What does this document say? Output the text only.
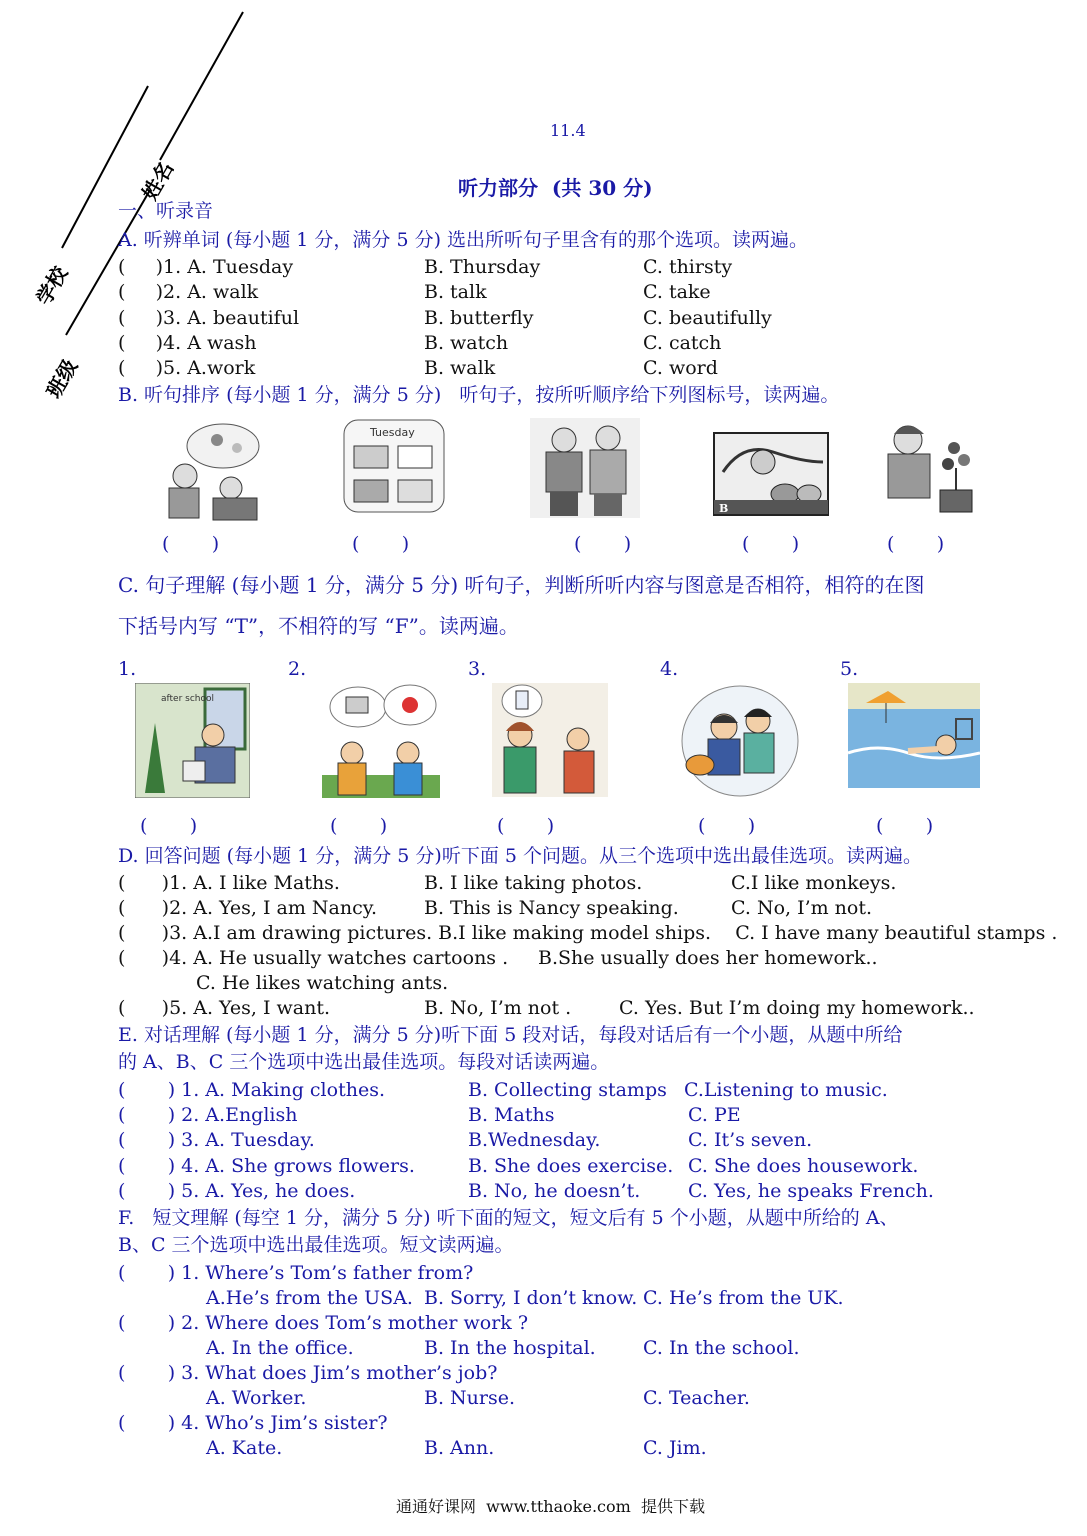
姓名
学校
班级
11.4
听力部分  (共 30 分)
一、听录音
A. 听辨单词 (每小题 1 分，满分 5 分) 选出所听句子里含有的那个选项。读两遍。
(     )1. A. Tuesday	B. Thursday	C. thirsty
(     )2. A. walk	B. talk	C. take
(     )3. A. beautiful	B. butterfly	C. beautifully
(     )4. A wash	B. watch	C. catch
(     )5. A.work	B. walk	C. word
B. 听句排序 (每小题 1 分，满分 5 分)   听句子，按所听顺序给下列图标号，读两遍。
Tuesday
B
(       )	(       )	(       )	(       )	(       )
C. 句子理解 (每小题 1 分，满分 5 分) 听句子，判断所听内容与图意是否相符，相符的在图
下括号内写 “T”，不相符的写 “F”。读两遍。
1.	2.	3.	4.	5.
after school
(       )	(       )	(       )	(       )	(       )
D. 回答问题 (每小题 1 分，满分 5 分)听下面 5 个问题。从三个选项中选出最佳选项。读两遍。
(      )1. A. I like Maths.	B. I like taking photos.	C.I like monkeys.
(      )2. A. Yes, I am Nancy. B. This is Nancy speaking.	C. No, I’m not.
(      )3. A.I am drawing pictures. B.I like making model ships.    C. I have many beautiful stamps .
(      )4. A. He usually watches cartoons . B.She usually does her homework..
C. He likes watching ants.
(      )5. A. Yes, I want.	B. No, I’m not .	C. Yes. But I’m doing my homework..
E. 对话理解 (每小题 1 分，满分 5 分)听下面 5 段对话，每段对话后有一个小题，从题中所给
的 A、B、C 三个选项中选出最佳选项。每段对话读两遍。
(       ) 1. A. Making clothes.	B. Collecting stamps C.Listening to music.
(       ) 2. A.English	B. Maths	C. PE
(       ) 3. A. Tuesday.	B.Wednesday.	C. It’s seven.
(       ) 4. A. She grows flowers.	B. She does exercise. C. She does housework.
(       ) 5. A. Yes, he does.	B. No, he doesn’t.	C. Yes, he speaks French.
F.   短文理解 (每空 1 分，满分 5 分) 听下面的短文，短文后有 5 个小题，从题中所给的 A、
B、C 三个选项中选出最佳选项。短文读两遍。
(       ) 1. Where’s Tom’s father from?
A.He’s from the USA. B. Sorry, I don’t know. C. He’s from the UK.
(       ) 2. Where does Tom’s mother work ?
A. In the office.	B. In the hospital. C. In the school.
(       ) 3. What does Jim’s mother’s job?
A. Worker.	B. Nurse.	C. Teacher.
(       ) 4. Who’s Jim’s sister?
A. Kate.	B. Ann.	C. Jim.
通通好课网  www.tthaoke.com  提供下载
